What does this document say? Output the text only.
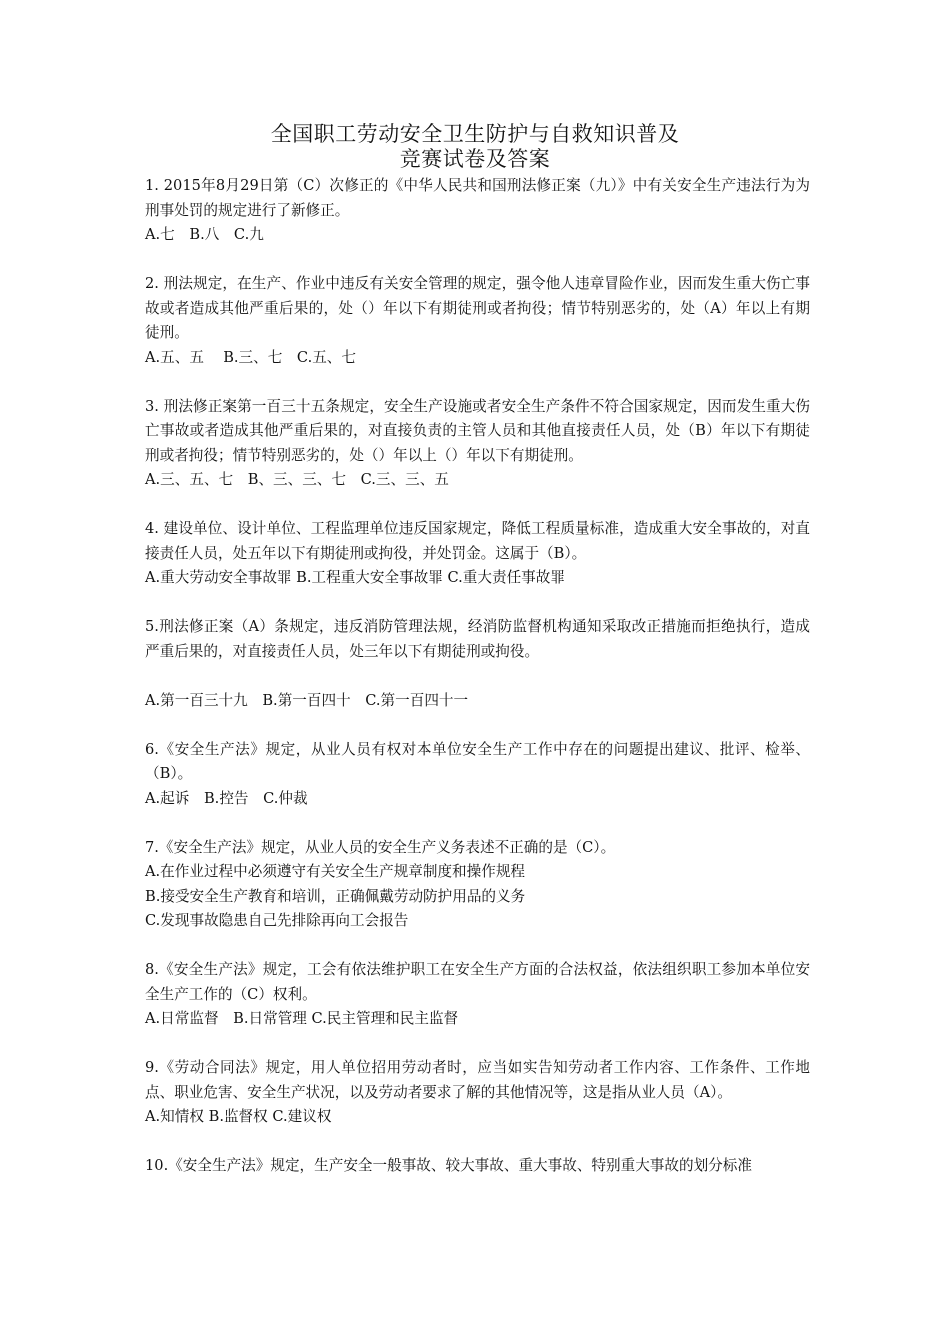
全国职工劳动安全卫生防护与自救知识普及
竞赛试卷及答案

1. 2015年8月29日第（C）次修正的《中华人民共和国刑法修正案（九）》中有关安全生产违法行为为刑事处罚的规定进行了新修正。

A.七　B.八　C.九

2. 刑法规定，在生产、作业中违反有关安全管理的规定，强令他人违章冒险作业，因而发生重大伤亡事故或者造成其他严重后果的，处（）年以下有期徒刑或者拘役；情节特别恶劣的，处（A）年以上有期徒刑。

A.五、五　 B.三、七　C.五、七

3. 刑法修正案第一百三十五条规定，安全生产设施或者安全生产条件不符合国家规定，因而发生重大伤亡事故或者造成其他严重后果的，对直接负责的主管人员和其他直接责任人员，处（B）年以下有期徒刑或者拘役；情节特别恶劣的，处（）年以上（）年以下有期徒刑。

A.三、五、七　B、三、三、七　C.三、三、五

4. 建设单位、设计单位、工程监理单位违反国家规定，降低工程质量标准，造成重大安全事故的，对直接责任人员，处五年以下有期徒刑或拘役，并处罚金。这属于（B）。

A.重大劳动安全事故罪 B.工程重大安全事故罪 C.重大责任事故罪

5.刑法修正案（A）条规定，违反消防管理法规，经消防监督机构通知采取改正措施而拒绝执行，造成严重后果的，对直接责任人员，处三年以下有期徒刑或拘役。

A.第一百三十九　B.第一百四十　C.第一百四十一

6.《安全生产法》规定，从业人员有权对本单位安全生产工作中存在的问题提出建议、批评、检举、（B）。

A.起诉　B.控告　C.仲裁

7.《安全生产法》规定，从业人员的安全生产义务表述不正确的是（C）。

A.在作业过程中必须遵守有关安全生产规章制度和操作规程

B.接受安全生产教育和培训，正确佩戴劳动防护用品的义务

C.发现事故隐患自己先排除再向工会报告

8.《安全生产法》规定，工会有依法维护职工在安全生产方面的合法权益，依法组织职工参加本单位安全生产工作的（C）权利。

A.日常监督　B.日常管理 C.民主管理和民主监督

9.《劳动合同法》规定，用人单位招用劳动者时，应当如实告知劳动者工作内容、工作条件、工作地点、职业危害、安全生产状况，以及劳动者要求了解的其他情况等，这是指从业人员（A）。

A.知情权 B.监督权 C.建议权

10.《安全生产法》规定，生产安全一般事故、较大事故、重大事故、特别重大事故的划分标准
